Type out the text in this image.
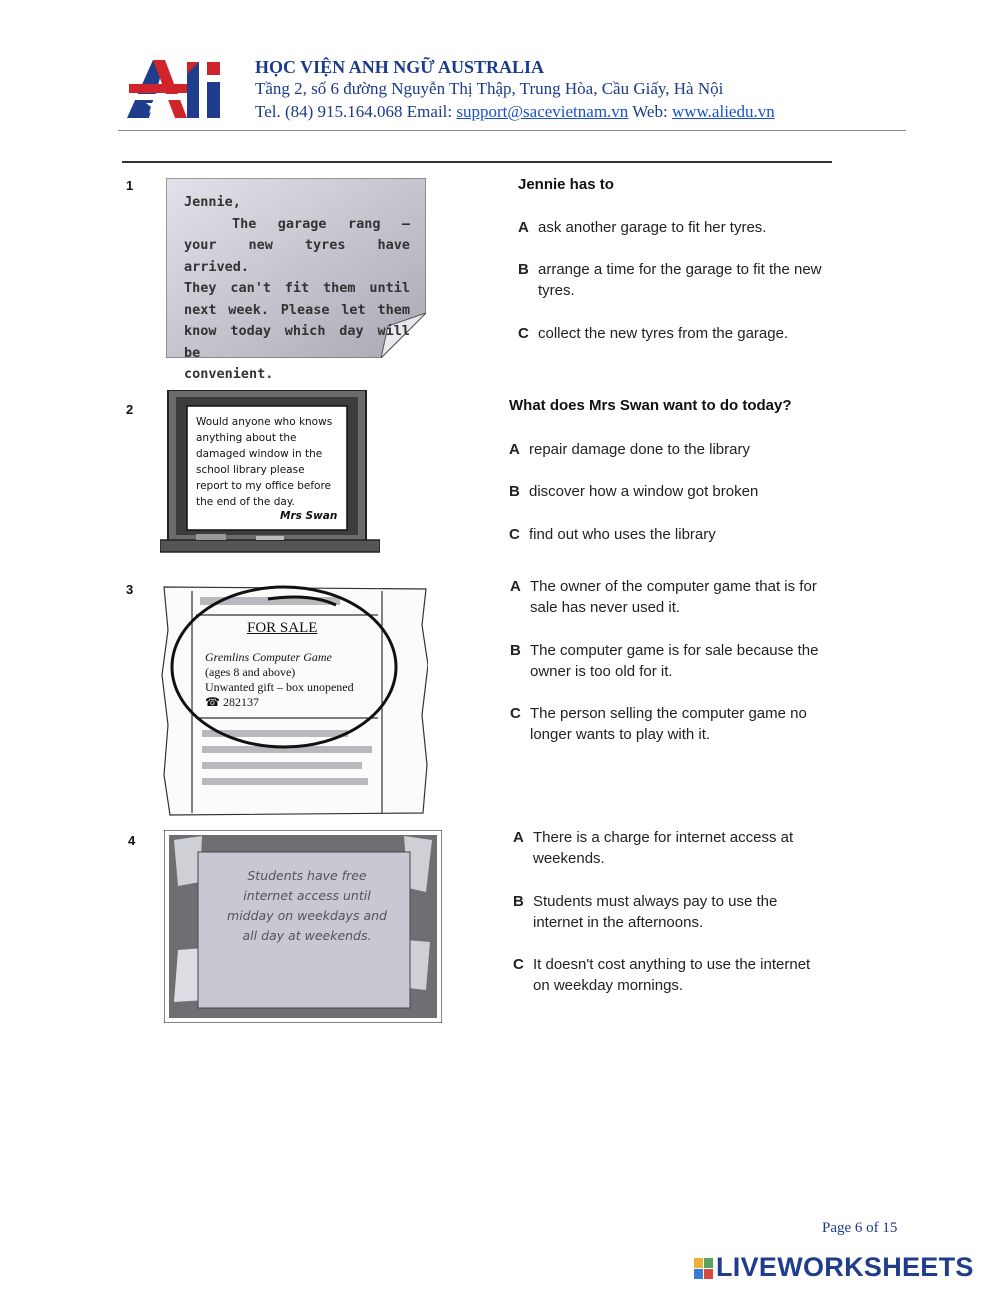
HỌC VIỆN ANH NGỮ AUSTRALIA
Tầng 2, số 6 đường Nguyễn Thị Thập, Trung Hòa, Cầu Giấy, Hà Nội
Tel. (84) 915.164.068 Email: support@sacevietnam.vn Web: www.aliedu.vn
1
Jennie,
The garage rang –
your new tyres have arrived.
They can't fit them until
next week. Please let them
know today which day will be
convenient.
Jennie has to
A ask another garage to fit her tyres.
B arrange a time for the garage to fit the new tyres.
C collect the new tyres from the garage.
2
Would anyone who knows
anything about the
damaged window in the
school library please
report to my office before
the end of the day.
Mrs Swan
What does Mrs Swan want to do today?
A repair damage done to the library
B discover how a window got broken
C find out who uses the library
3
FOR SALE
Gremlins Computer Game
(ages 8 and above)
Unwanted gift – box unopened
☎ 282137
A The owner of the computer game that is for sale has never used it.
B The computer game is for sale because the owner is too old for it.
C The person selling the computer game no longer wants to play with it.
4
Students have free
internet access until
midday on weekdays and
all day at weekends.
A There is a charge for internet access at weekends.
B Students must always pay to use the internet in the afternoons.
C It doesn't cost anything to use the internet on weekday mornings.
Page 6 of 15
LIVEWORKSHEETS
